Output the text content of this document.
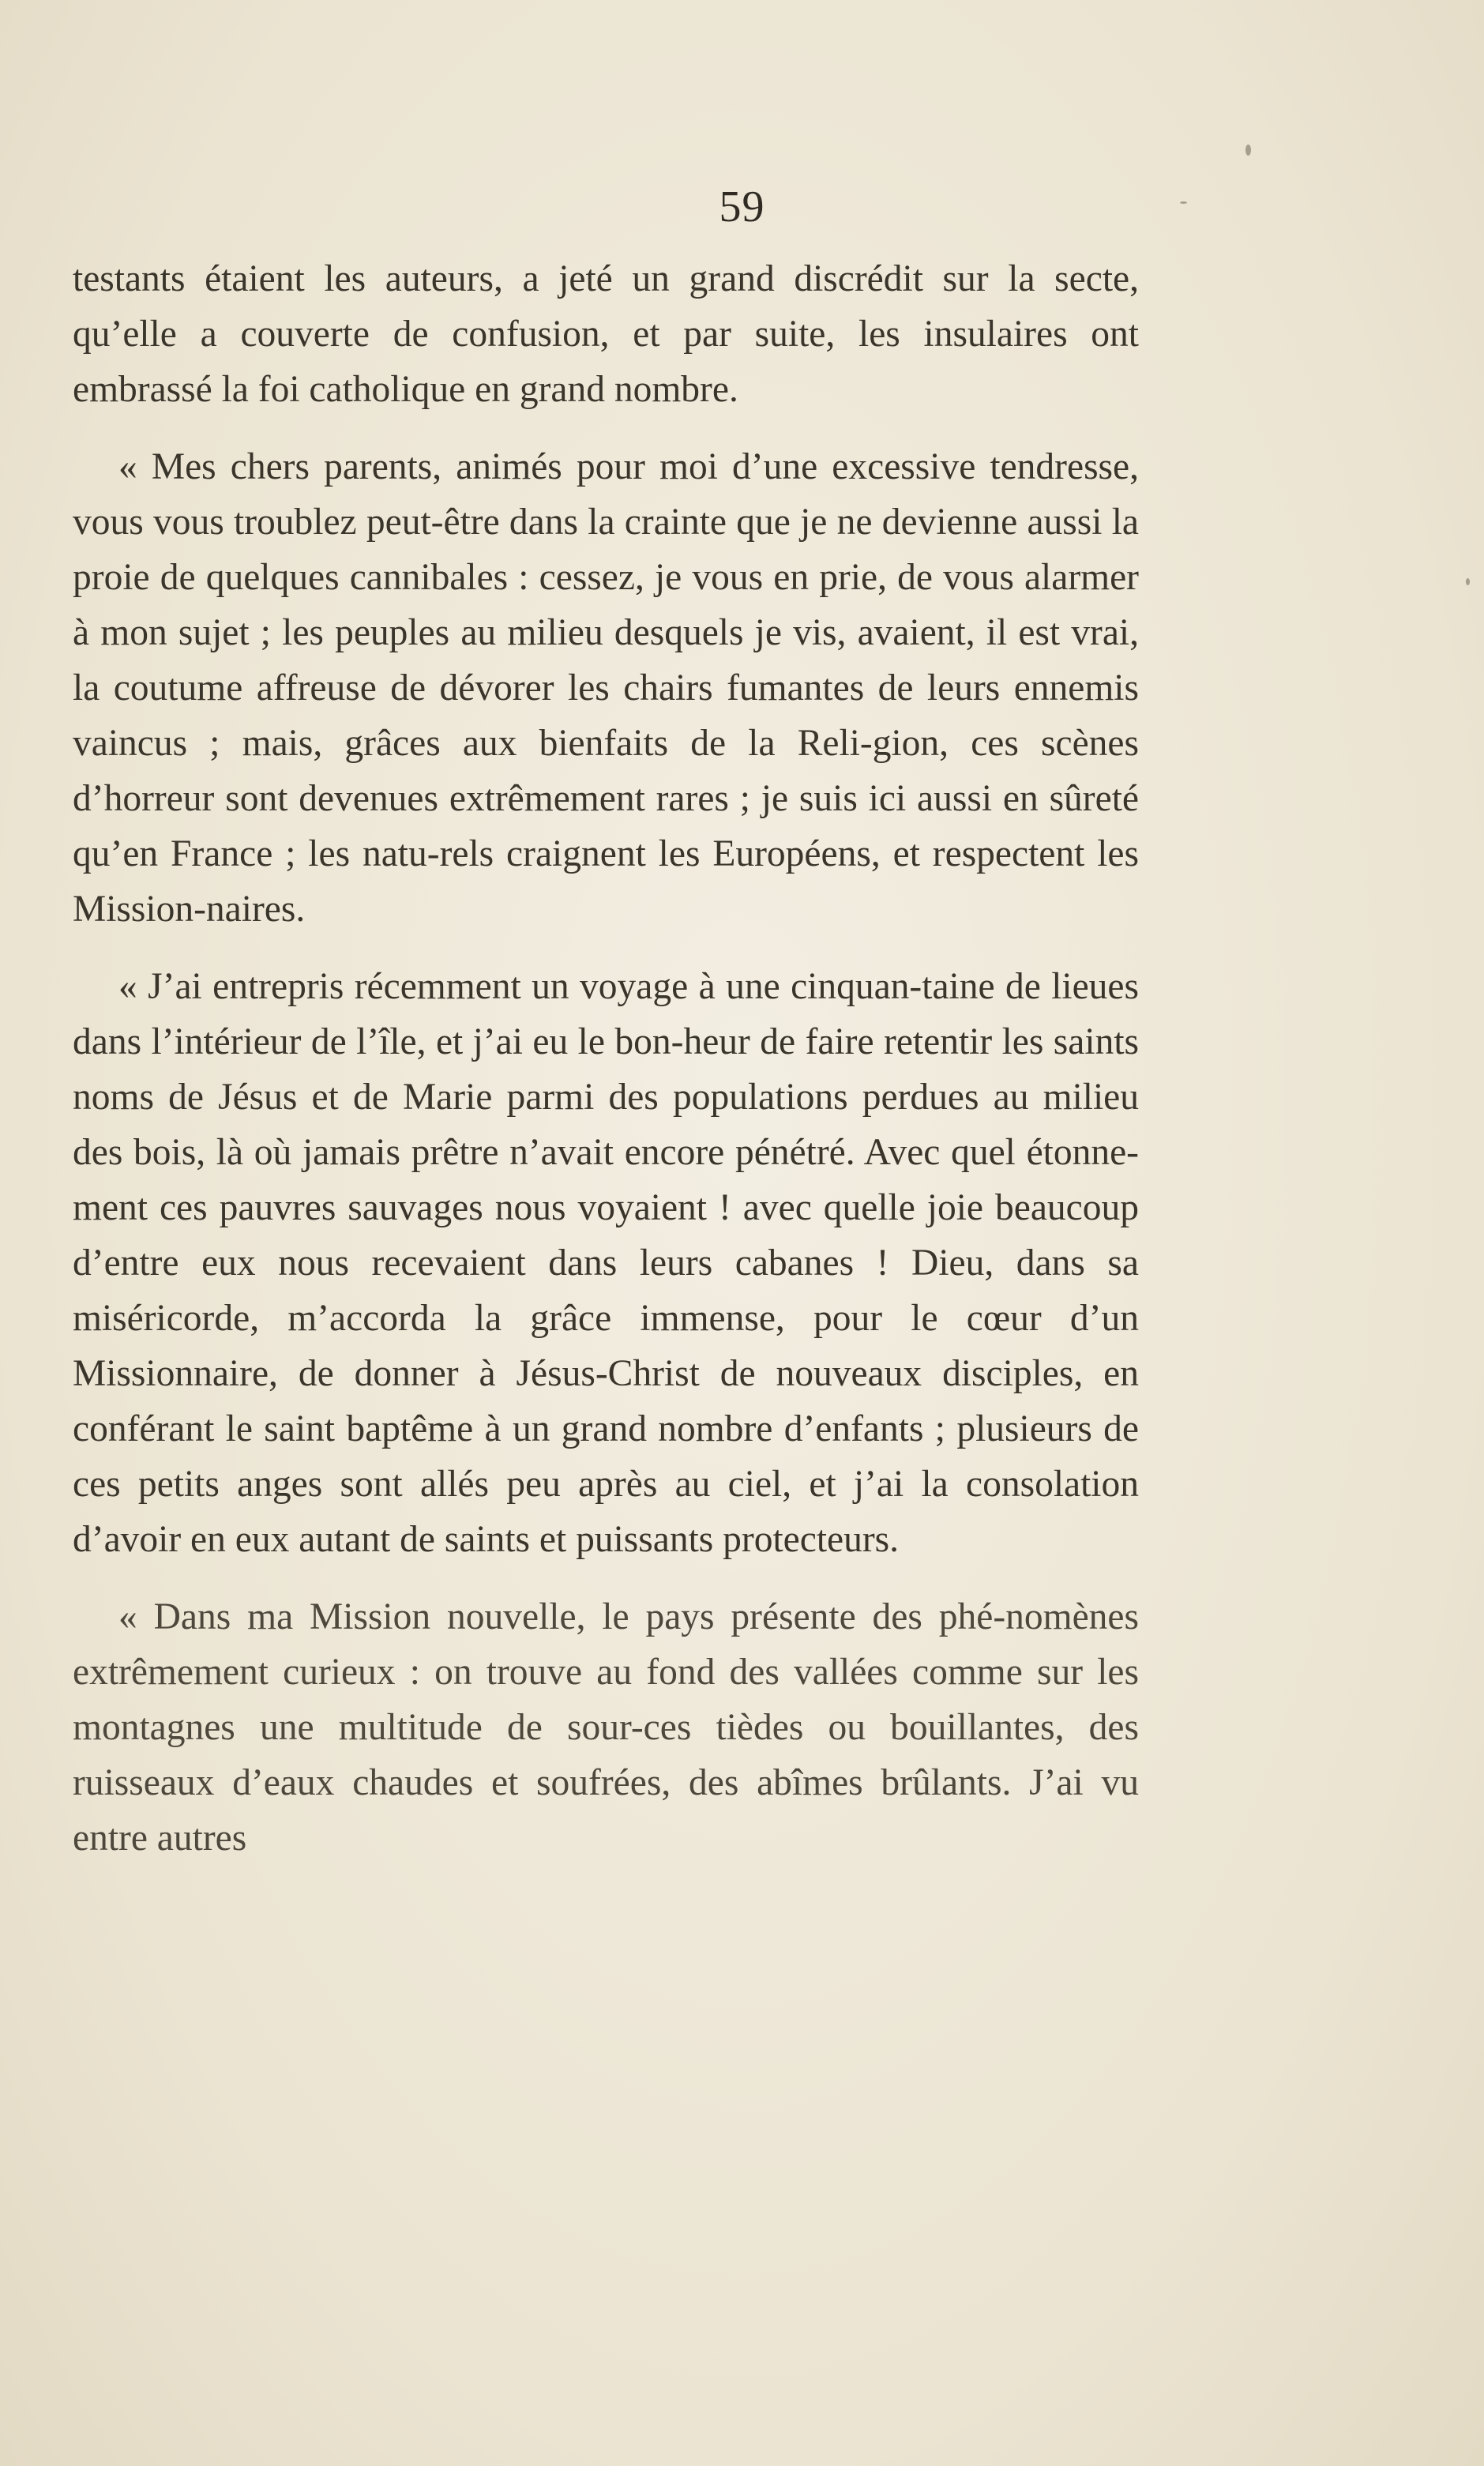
59

testants étaient les auteurs, a jeté un grand discrédit sur la secte, qu’elle a couverte de confusion, et par suite, les insulaires ont embrassé la foi catholique en grand nombre.

« Mes chers parents, animés pour moi d’une excessive tendresse, vous vous troublez peut-être dans la crainte que je ne devienne aussi la proie de quelques cannibales : cessez, je vous en prie, de vous alarmer à mon sujet ; les peuples au milieu desquels je vis, avaient, il est vrai, la coutume affreuse de dévorer les chairs fumantes de leurs ennemis vaincus ; mais, grâces aux bienfaits de la Reli-gion, ces scènes d’horreur sont devenues extrêmement rares ; je suis ici aussi en sûreté qu’en France ; les natu-rels craignent les Européens, et respectent les Mission-naires.

« J’ai entrepris récemment un voyage à une cinquan-taine de lieues dans l’intérieur de l’île, et j’ai eu le bon-heur de faire retentir les saints noms de Jésus et de Marie parmi des populations perdues au milieu des bois, là où jamais prêtre n’avait encore pénétré. Avec quel étonne-ment ces pauvres sauvages nous voyaient ! avec quelle joie beaucoup d’entre eux nous recevaient dans leurs cabanes ! Dieu, dans sa miséricorde, m’accorda la grâce immense, pour le cœur d’un Missionnaire, de donner à Jésus-Christ de nouveaux disciples, en conférant le saint baptême à un grand nombre d’enfants ; plusieurs de ces petits anges sont allés peu après au ciel, et j’ai la consolation d’avoir en eux autant de saints et puissants protecteurs.

« Dans ma Mission nouvelle, le pays présente des phé-nomènes extrêmement curieux : on trouve au fond des vallées comme sur les montagnes une multitude de sour-ces tièdes ou bouillantes, des ruisseaux d’eaux chaudes et soufrées, des abîmes brûlants. J’ai vu entre autres
